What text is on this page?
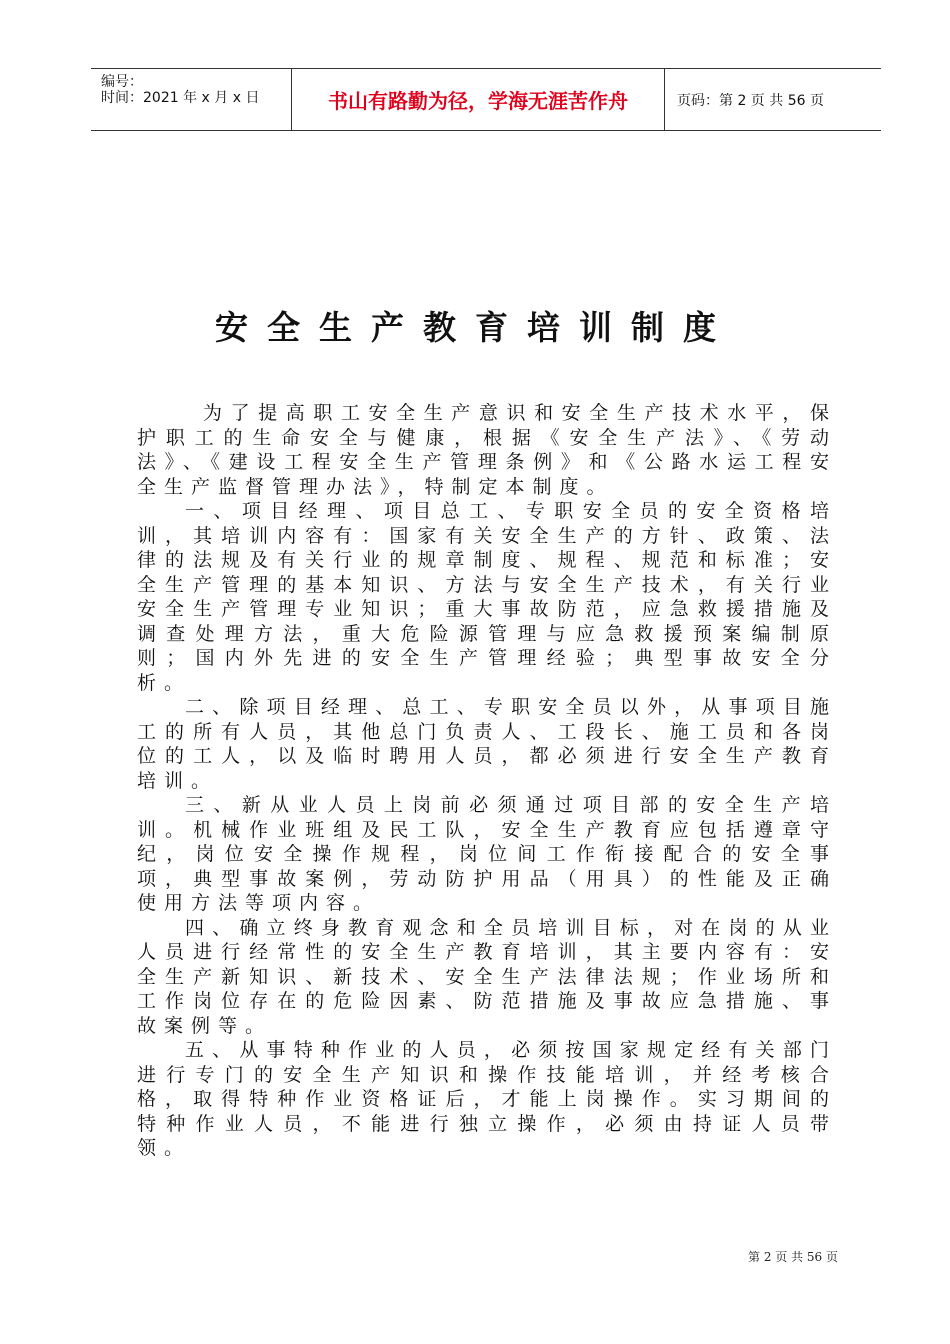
编号：
时间：2021 年 x 月 x 日	书山有路勤为径，学海无涯苦作舟	页码：第 2 页 共 56 页
安全生产教育培训制度

为了提高职工安全生产意识和安全生产技术水平，保护职工的生命安全与健康，根据《安全生产法》、《劳动法》、《建设工程安全生产管理条例》和《公路水运工程安全生产监督管理办法》，特制定本制度。

一、项目经理、项目总工、专职安全员的安全资格培训，其培训内容有：国家有关安全生产的方针、政策、法律的法规及有关行业的规章制度、规程、规范和标准；安全生产管理的基本知识、方法与安全生产技术，有关行业安全生产管理专业知识；重大事故防范，应急救援措施及调查处理方法，重大危险源管理与应急救援预案编制原则；国内外先进的安全生产管理经验；典型事故安全分析。

二、除项目经理、总工、专职安全员以外，从事项目施工的所有人员，其他总门负责人、工段长、施工员和各岗位的工人，以及临时聘用人员，都必须进行安全生产教育培训。

三、新从业人员上岗前必须通过项目部的安全生产培训。机械作业班组及民工队，安全生产教育应包括遵章守纪，岗位安全操作规程，岗位间工作衔接配合的安全事项，典型事故案例，劳动防护用品（用具）的性能及正确使用方法等项内容。

四、确立终身教育观念和全员培训目标，对在岗的从业人员进行经常性的安全生产教育培训，其主要内容有：安全生产新知识、新技术、安全生产法律法规；作业场所和工作岗位存在的危险因素、防范措施及事故应急措施、事故案例等。

五、从事特种作业的人员，必须按国家规定经有关部门进行专门的安全生产知识和操作技能培训，并经考核合格，取得特种作业资格证后，才能上岗操作。实习期间的特种作业人员，不能进行独立操作，必须由持证人员带领。

第 2 页 共 56 页
